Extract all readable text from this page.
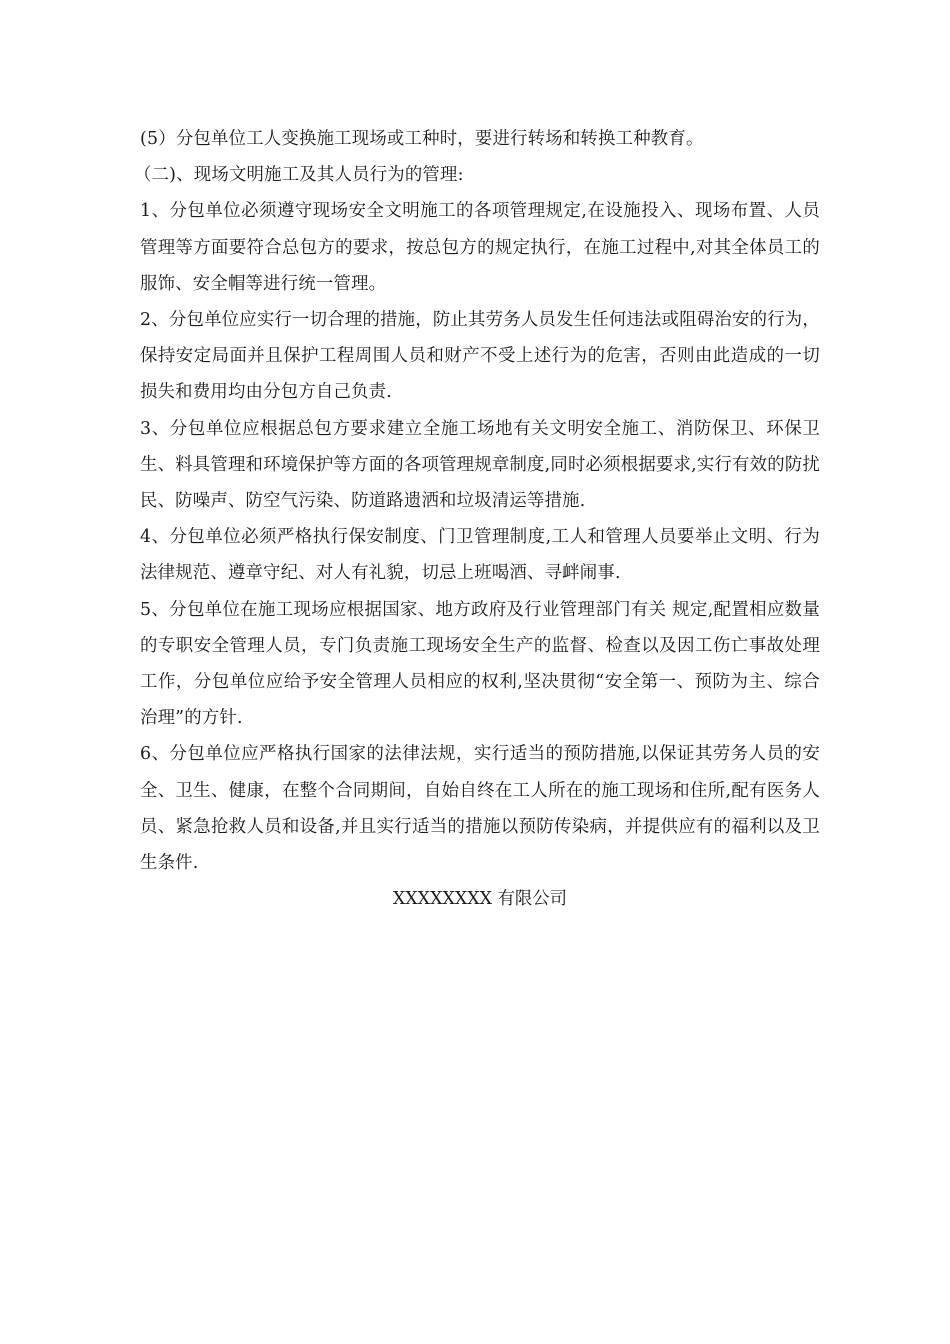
(5）分包单位工人变换施工现场或工种时，要进行转场和转换工种教育。

（二)、现场文明施工及其人员行为的管理:

1、分包单位必须遵守现场安全文明施工的各项管理规定,在设施投入、现场布置、人员管理等方面要符合总包方的要求，按总包方的规定执行，在施工过程中,对其全体员工的服饰、安全帽等进行统一管理。

2、分包单位应实行一切合理的措施，防止其劳务人员发生任何违法或阻碍治安的行为，保持安定局面并且保护工程周围人员和财产不受上述行为的危害，否则由此造成的一切损失和费用均由分包方自己负责.

3、分包单位应根据总包方要求建立全施工场地有关文明安全施工、消防保卫、环保卫生、料具管理和环境保护等方面的各项管理规章制度,同时必须根据要求,实行有效的防扰民、防噪声、防空气污染、防道路遗洒和垃圾清运等措施.

4、分包单位必须严格执行保安制度、门卫管理制度,工人和管理人员要举止文明、行为法律规范、遵章守纪、对人有礼貌，切忌上班喝酒、寻衅闹事.

5、分包单位在施工现场应根据国家、地方政府及行业管理部门有关 规定,配置相应数量的专职安全管理人员，专门负责施工现场安全生产的监督、检查以及因工伤亡事故处理工作，分包单位应给予安全管理人员相应的权利,坚决贯彻“安全第一、预防为主、综合治理”的方针.

6、分包单位应严格执行国家的法律法规，实行适当的预防措施,以保证其劳务人员的安全、卫生、健康，在整个合同期间，自始自终在工人所在的施工现场和住所,配有医务人员、紧急抢救人员和设备,并且实行适当的措施以预防传染病，并提供应有的福利以及卫生条件.

XXXXXXXX 有限公司
